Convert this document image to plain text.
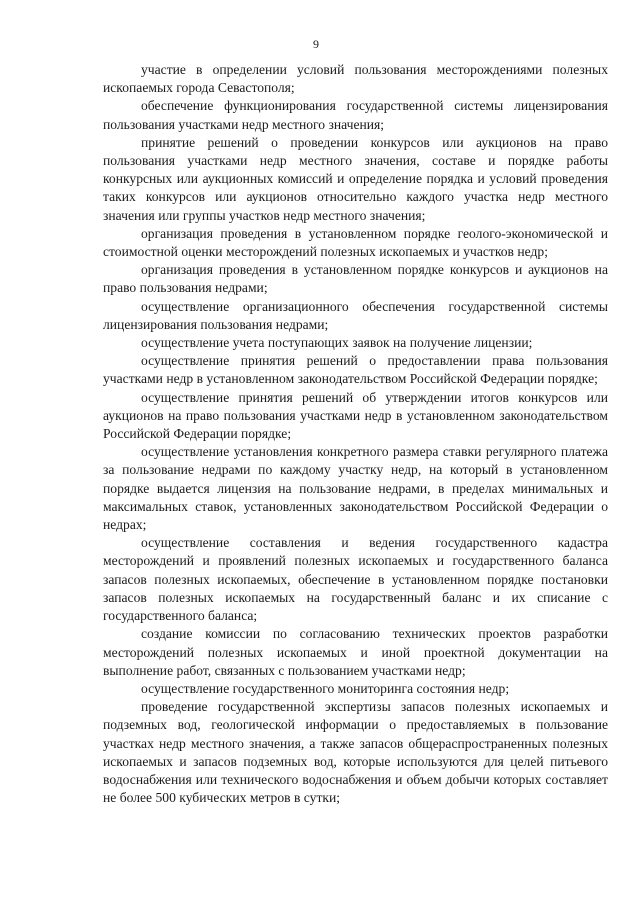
9

участие в определении условий пользования месторождениями полезных ископаемых города Севастополя;

обеспечение функционирования государственной системы лицензирования пользования участками недр местного значения;

принятие решений о проведении конкурсов или аукционов на право пользования участками недр местного значения, составе и порядке работы конкурсных или аукционных комиссий и определение порядка и условий проведения таких конкурсов или аукционов относительно каждого участка недр местного значения или группы участков недр местного значения;

организация проведения в установленном порядке геолого-экономической и стоимостной оценки месторождений полезных ископаемых и участков недр;

организация проведения в установленном порядке конкурсов и аукционов на право пользования недрами;

осуществление организационного обеспечения государственной системы лицензирования пользования недрами;

осуществление учета поступающих заявок на получение лицензии;

осуществление принятия решений о предоставлении права пользования участками недр в установленном законодательством Российской Федерации порядке;

осуществление принятия решений об утверждении итогов конкурсов или аукционов на право пользования участками недр в установленном законодательством Российской Федерации порядке;

осуществление установления конкретного размера ставки регулярного платежа за пользование недрами по каждому участку недр, на который в установленном порядке выдается лицензия на пользование недрами, в пределах минимальных и максимальных ставок, установленных законодательством Российской Федерации о недрах;

осуществление составления и ведения государственного кадастра месторождений и проявлений полезных ископаемых и государственного баланса запасов полезных ископаемых, обеспечение в установленном порядке постановки запасов полезных ископаемых на государственный баланс и их списание с государственного баланса;

создание комиссии по согласованию технических проектов разработки месторождений полезных ископаемых и иной проектной документации на выполнение работ, связанных с пользованием участками недр;

осуществление государственного мониторинга состояния недр;

проведение государственной экспертизы запасов полезных ископаемых и подземных вод, геологической информации о предоставляемых в пользование участках недр местного значения, а также запасов общераспространенных полезных ископаемых и запасов подземных вод, которые используются для целей питьевого водоснабжения или технического водоснабжения и объем добычи которых составляет не более 500 кубических метров в сутки;
